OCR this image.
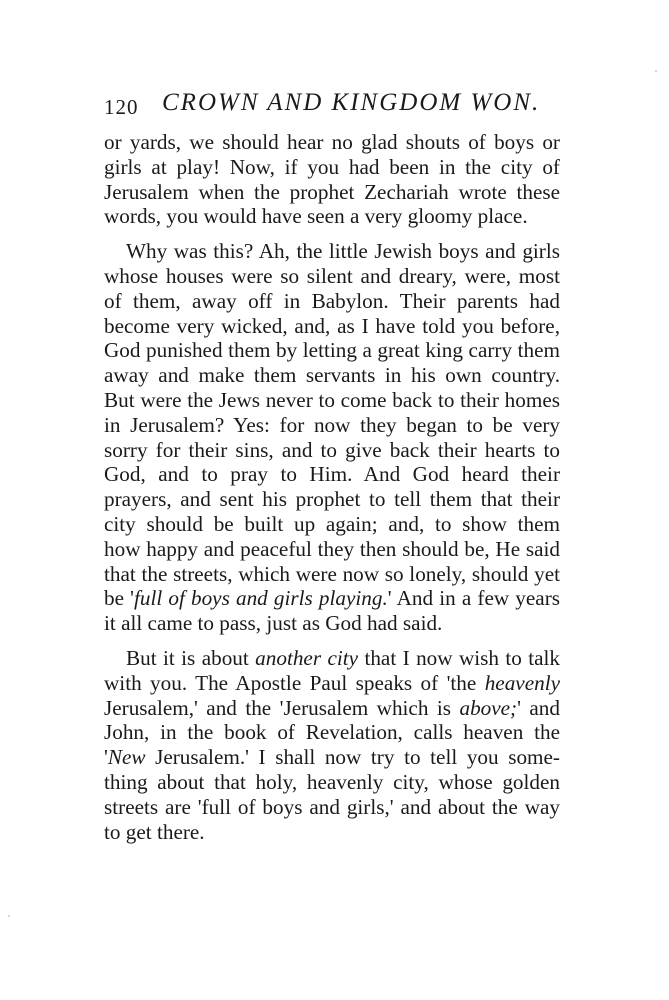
120 CROWN AND KINGDOM WON.
or yards, we should hear no glad shouts of boys or
girls at play! Now, if you had been in the city of
Jerusalem when the prophet Zechariah wrote these
words, you would have seen a very gloomy place.
Why was this? Ah, the little Jewish boys and girls
whose houses were so silent and dreary, were, most
of them, away off in Babylon. Their parents had
become very wicked, and, as I have told you before,
God punished them by letting a great king carry them
away and make them servants in his own country.
But were the Jews never to come back to their homes
in Jerusalem? Yes: for now they began to be very
sorry for their sins, and to give back their hearts to
God, and to pray to Him. And God heard their
prayers, and sent his prophet to tell them that their
city should be built up again; and, to show them
how happy and peaceful they then should be, He said
that the streets, which were now so lonely, should yet
be 'full of boys and girls playing.' And in a few years
it all came to pass, just as God had said.
But it is about another city that I now wish to talk
with you. The Apostle Paul speaks of 'the heavenly
Jerusalem,' and the 'Jerusalem which is above;' and
John, in the book of Revelation, calls heaven the
'New Jerusalem.' I shall now try to tell you some-
thing about that holy, heavenly city, whose golden
streets are 'full of boys and girls,' and about the way
to get there.
